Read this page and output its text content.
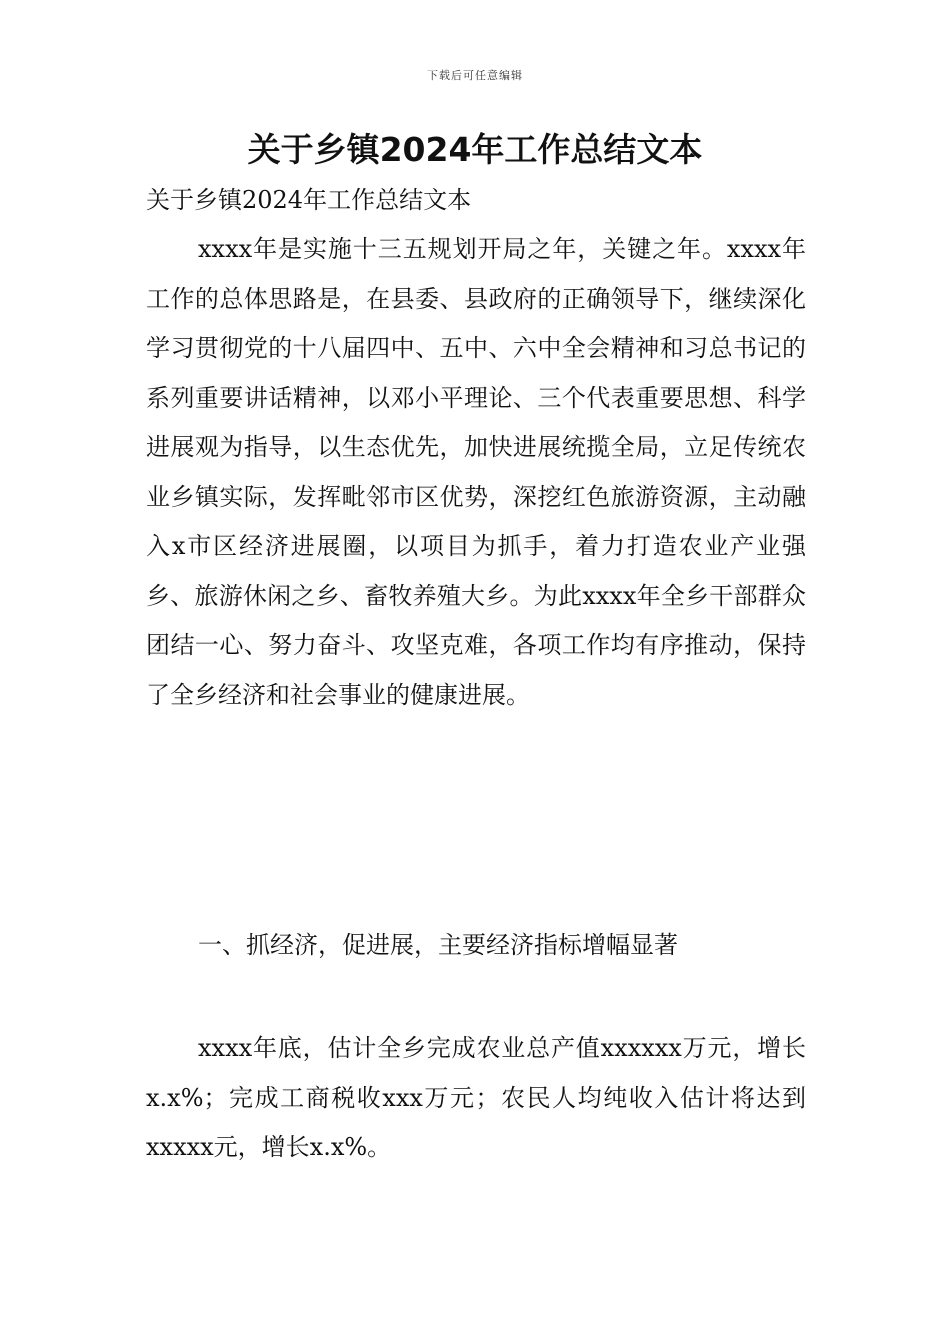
下载后可任意编辑
关于乡镇2024年工作总结文本
关于乡镇2024年工作总结文本

xxxx年是实施十三五规划开局之年，关键之年。xxxx年工作的总体思路是，在县委、县政府的正确领导下，继续深化学习贯彻党的十八届四中、五中、六中全会精神和习总书记的系列重要讲话精神，以邓小平理论、三个代表重要思想、科学进展观为指导，以生态优先，加快进展统揽全局，立足传统农业乡镇实际，发挥毗邻市区优势，深挖红色旅游资源，主动融入x市区经济进展圈，以项目为抓手，着力打造农业产业强乡、旅游休闲之乡、畜牧养殖大乡。为此xxxx年全乡干部群众团结一心、努力奋斗、攻坚克难，各项工作均有序推动，保持了全乡经济和社会事业的健康进展。

一、抓经济，促进展，主要经济指标增幅显著

xxxx年底，估计全乡完成农业总产值xxxxxx万元，增长x.x%；完成工商税收xxx万元；农民人均纯收入估计将达到xxxxx元，增长x.x%。
